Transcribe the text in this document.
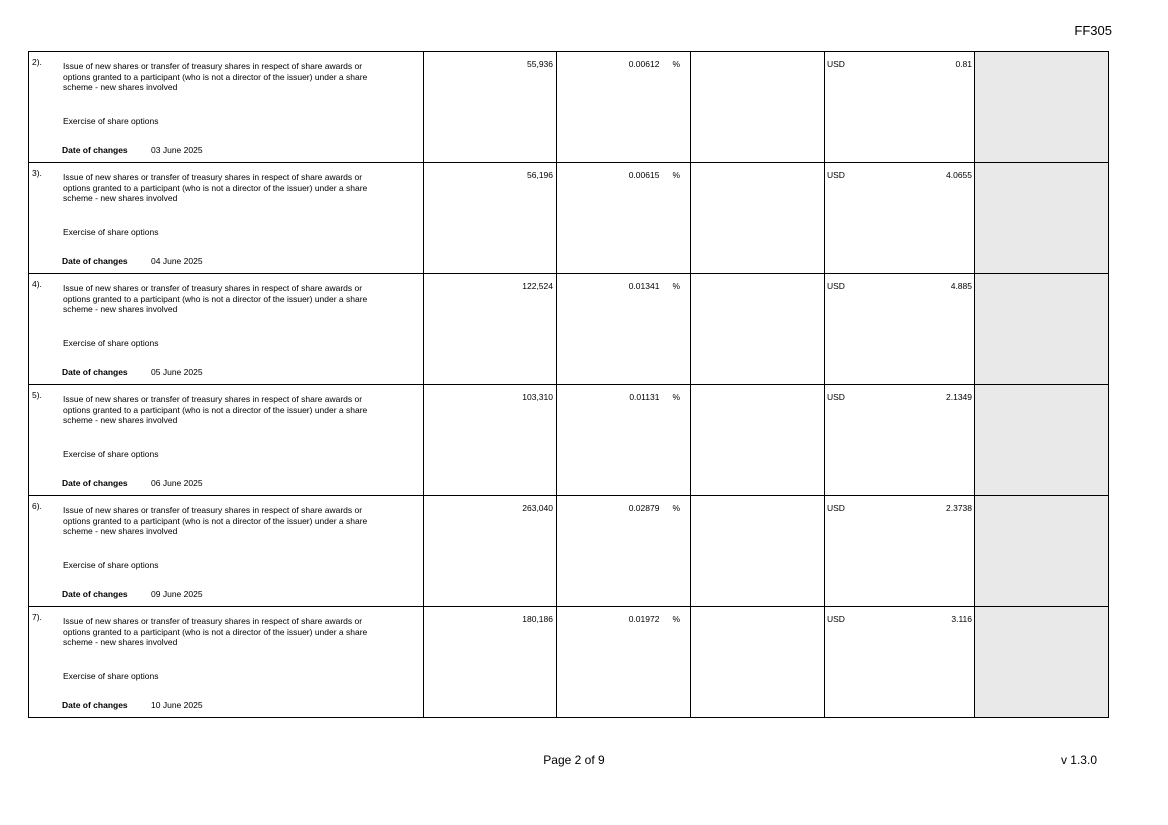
FF305
2). Issue of new shares or transfer of treasury shares in respect of share awards or options granted to a participant (who is not a director of the issuer) under a share scheme - new shares involved
Exercise of share options
Date of changes	03 June 2025
55,936	0.00612 %	USD	0.81
3). Issue of new shares or transfer of treasury shares in respect of share awards or options granted to a participant (who is not a director of the issuer) under a share scheme - new shares involved
Exercise of share options
Date of changes	04 June 2025
56,196	0.00615 %	USD	4.0655
4). Issue of new shares or transfer of treasury shares in respect of share awards or options granted to a participant (who is not a director of the issuer) under a share scheme - new shares involved
Exercise of share options
Date of changes	05 June 2025
122,524	0.01341 %	USD	4.885
5). Issue of new shares or transfer of treasury shares in respect of share awards or options granted to a participant (who is not a director of the issuer) under a share scheme - new shares involved
Exercise of share options
Date of changes	06 June 2025
103,310	0.01131 %	USD	2.1349
6). Issue of new shares or transfer of treasury shares in respect of share awards or options granted to a participant (who is not a director of the issuer) under a share scheme - new shares involved
Exercise of share options
Date of changes	09 June 2025
263,040	0.02879 %	USD	2.3738
7). Issue of new shares or transfer of treasury shares in respect of share awards or options granted to a participant (who is not a director of the issuer) under a share scheme - new shares involved
Exercise of share options
Date of changes	10 June 2025
180,186	0.01972 %	USD	3.116
Page 2 of 9	v 1.3.0
